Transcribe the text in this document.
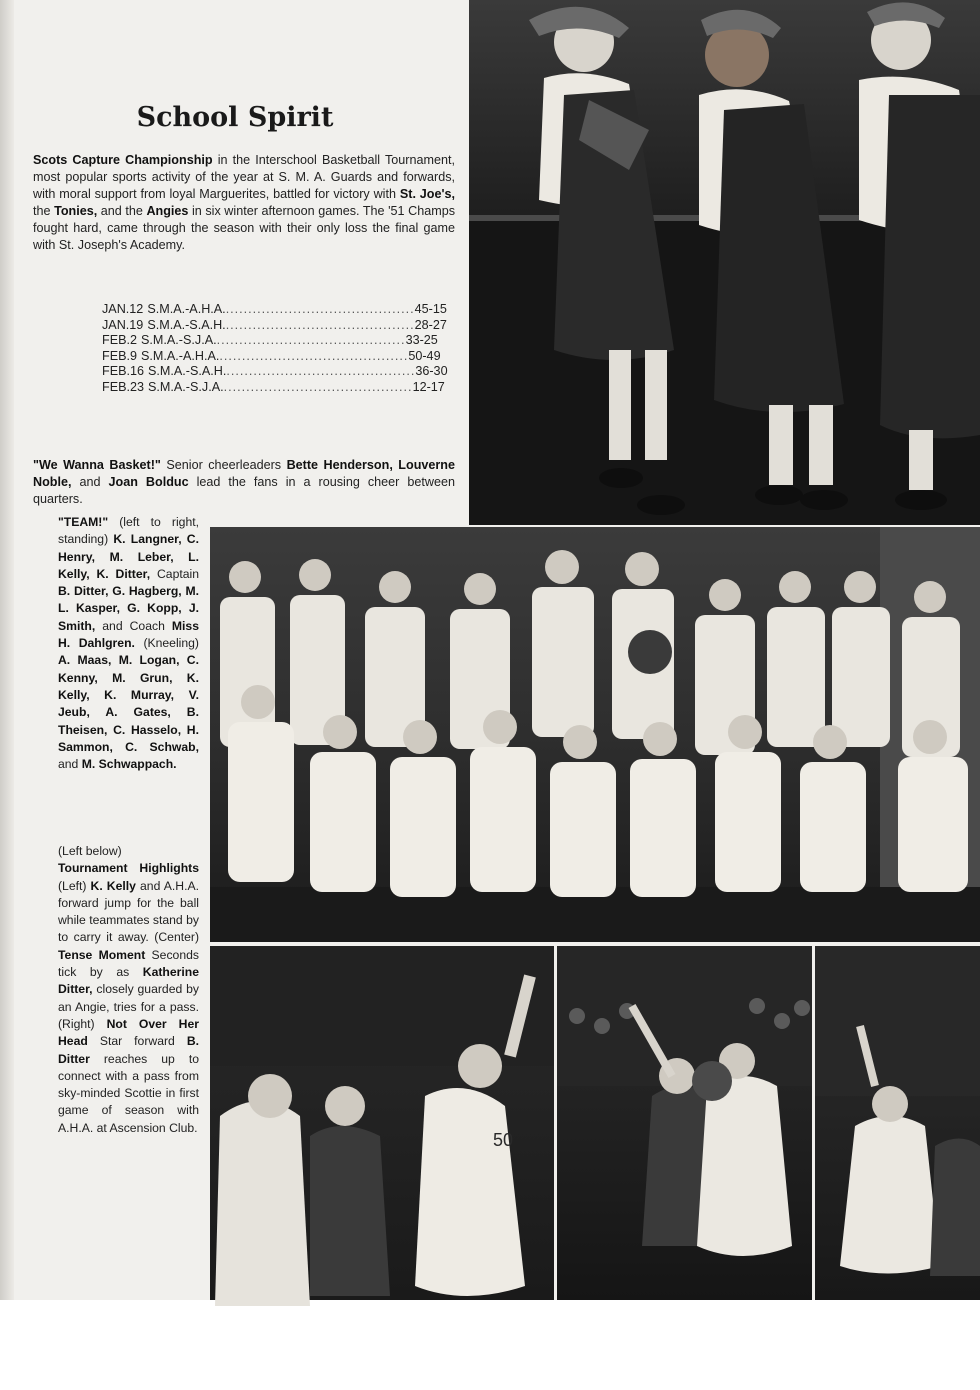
School Spirit

Scots Capture Championship in the Interschool Basketball Tournament, most popular sports activity of the year at S. M. A. Guards and forwards, with moral support from loyal Marguerites, battled for victory with St. Joe's, the Tonies, and the Angies in six winter afternoon games. The '51 Champs fought hard, came through the season with their only loss the final game with St. Joseph's Academy.

JAN. 12 S.M.A.-A.H.A. .......................................... 45-15
JAN. 19 S.M.A.-S.A.H. .......................................... 28-27
FEB. 2 S.M.A.-S.J.A. .......................................... 33-25
FEB. 9 S.M.A.-A.H.A. .......................................... 50-49
FEB. 16 S.M.A.-S.A.H. .......................................... 36-30
FEB. 23 S.M.A.-S.J.A. .......................................... 12-17

"We Wanna Basket!" Senior cheerleaders Bette Henderson, Louverne Noble, and Joan Bolduc lead the fans in a rousing cheer between quarters.

"TEAM!" (left to right, standing) K. Langner, C. Henry, M. Leber, L. Kelly, K. Ditter, Captain B. Ditter, G. Hagberg, M. L. Kasper, G. Kopp, J. Smith, and Coach Miss H. Dahlgren. (Kneeling) A. Maas, M. Logan, C. Kenny, M. Grun, K. Kelly, K. Murray, V. Jeub, A. Gates, B. Theisen, C. Hasselo, H. Sammon, C. Schwab, and M. Schwappach.

(Left below)
Tournament Highlights (Left) K. Kelly and A.H.A. forward jump for the ball while teammates stand by to carry it away. (Center) Tense Moment Seconds tick by as Katherine Ditter, closely guarded by an Angie, tries for a pass. (Right) Not Over Her Head Star forward B. Ditter reaches up to connect with a pass from sky-minded Scottie in first game of season with A.H.A. at Ascension Club.

50
